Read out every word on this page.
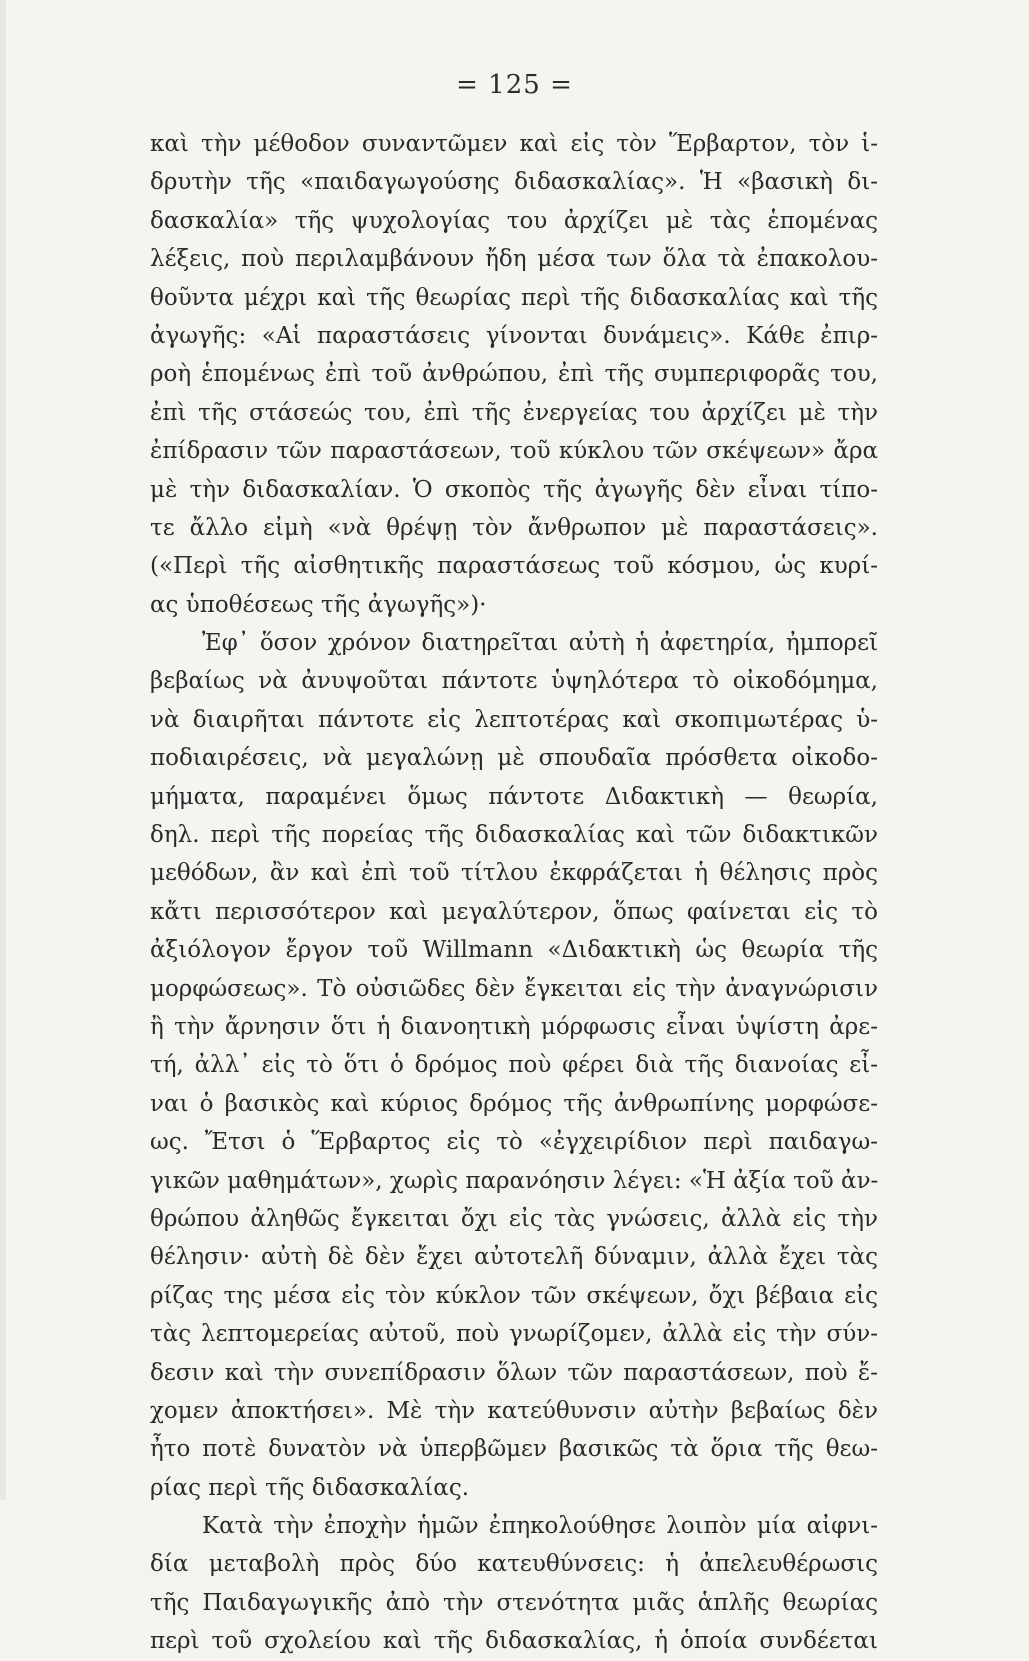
= 125 =
καὶ τὴν μέθοδον συναντῶμεν καὶ εἰς τὸν Ἕρβαρτον, τὸν ἱ-
δρυτὴν τῆς «παιδαγωγούσης διδασκαλίας». Ἡ «βασικὴ δι-
δασκαλία» τῆς ψυχολογίας του ἀρχίζει μὲ τὰς ἑπομένας
λέξεις, ποὺ περιλαμβάνουν ἤδη μέσα των ὅλα τὰ ἐπακολου-
θοῦντα μέχρι καὶ τῆς θεωρίας περὶ τῆς διδασκαλίας καὶ τῆς
ἀγωγῆς: «Αἱ παραστάσεις γίνονται δυνάμεις». Κάθε ἐπιρ-
ροὴ ἑπομένως ἐπὶ τοῦ ἀνθρώπου, ἐπὶ τῆς συμπεριφορᾶς του,
ἐπὶ τῆς στάσεώς του, ἐπὶ τῆς ἐνεργείας του ἀρχίζει μὲ τὴν
ἐπίδρασιν τῶν παραστάσεων, τοῦ κύκλου τῶν σκέψεων» ἄρα
μὲ τὴν διδασκαλίαν. Ὁ σκοπὸς τῆς ἀγωγῆς δὲν εἶναι τίπο-
τε ἄλλο εἰμὴ «νὰ θρέψῃ τὸν ἄνθρωπον μὲ παραστάσεις».
(«Περὶ τῆς αἰσθητικῆς παραστάσεως τοῦ κόσμου, ὡς κυρί-
ας ὑποθέσεως τῆς ἀγωγῆς»)·
Ἐφ᾽ ὅσον χρόνον διατηρεῖται αὐτὴ ἡ ἀφετηρία, ἠμπορεῖ
βεβαίως νὰ ἀνυψοῦται πάντοτε ὑψηλότερα τὸ οἰκοδόμημα,
νὰ διαιρῆται πάντοτε εἰς λεπτοτέρας καὶ σκοπιμωτέρας ὑ-
ποδιαιρέσεις, νὰ μεγαλώνῃ μὲ σπουδαῖα πρόσθετα οἰκοδο-
μήματα, παραμένει ὅμως πάντοτε Διδακτικὴ — θεωρία,
δηλ. περὶ τῆς πορείας τῆς διδασκαλίας καὶ τῶν διδακτικῶν
μεθόδων, ἂν καὶ ἐπὶ τοῦ τίτλου ἐκφράζεται ἡ θέλησις πρὸς
κἄτι περισσότερον καὶ μεγαλύτερον, ὅπως φαίνεται εἰς τὸ
ἀξιόλογον ἔργον τοῦ Willmann «Διδακτικὴ ὡς θεωρία τῆς
μορφώσεως». Τὸ οὐσιῶδες δὲν ἔγκειται εἰς τὴν ἀναγνώρισιν
ἢ τὴν ἄρνησιν ὅτι ἡ διανοητικὴ μόρφωσις εἶναι ὑψίστη ἀρε-
τή, ἀλλ᾽ εἰς τὸ ὅτι ὁ δρόμος ποὺ φέρει διὰ τῆς διανοίας εἶ-
ναι ὁ βασικὸς καὶ κύριος δρόμος τῆς ἀνθρωπίνης μορφώσε-
ως. Ἔτσι ὁ Ἕρβαρτος εἰς τὸ «ἐγχειρίδιον περὶ παιδαγω-
γικῶν μαθημάτων», χωρὶς παρανόησιν λέγει: «Ἡ ἀξία τοῦ ἀν-
θρώπου ἀληθῶς ἔγκειται ὄχι εἰς τὰς γνώσεις, ἀλλὰ εἰς τὴν
θέλησιν· αὐτὴ δὲ δὲν ἔχει αὐτοτελῆ δύναμιν, ἀλλὰ ἔχει τὰς
ρίζας της μέσα εἰς τὸν κύκλον τῶν σκέψεων, ὄχι βέβαια εἰς
τὰς λεπτομερείας αὐτοῦ, ποὺ γνωρίζομεν, ἀλλὰ εἰς τὴν σύν-
δεσιν καὶ τὴν συνεπίδρασιν ὅλων τῶν παραστάσεων, ποὺ ἔ-
χομεν ἀποκτήσει». Μὲ τὴν κατεύθυνσιν αὐτὴν βεβαίως δὲν
ἦτο ποτὲ δυνατὸν νὰ ὑπερβῶμεν βασικῶς τὰ ὅρια τῆς θεω-
ρίας περὶ τῆς διδασκαλίας.
Κατὰ τὴν ἐποχὴν ἡμῶν ἐπηκολούθησε λοιπὸν μία αἰφνι-
δία μεταβολὴ πρὸς δύο κατευθύνσεις: ἡ ἀπελευθέρωσις
τῆς Παιδαγωγικῆς ἀπὸ τὴν στενότητα μιᾶς ἁπλῆς θεωρίας
περὶ τοῦ σχολείου καὶ τῆς διδασκαλίας, ἡ ὁποία συνδέεται
